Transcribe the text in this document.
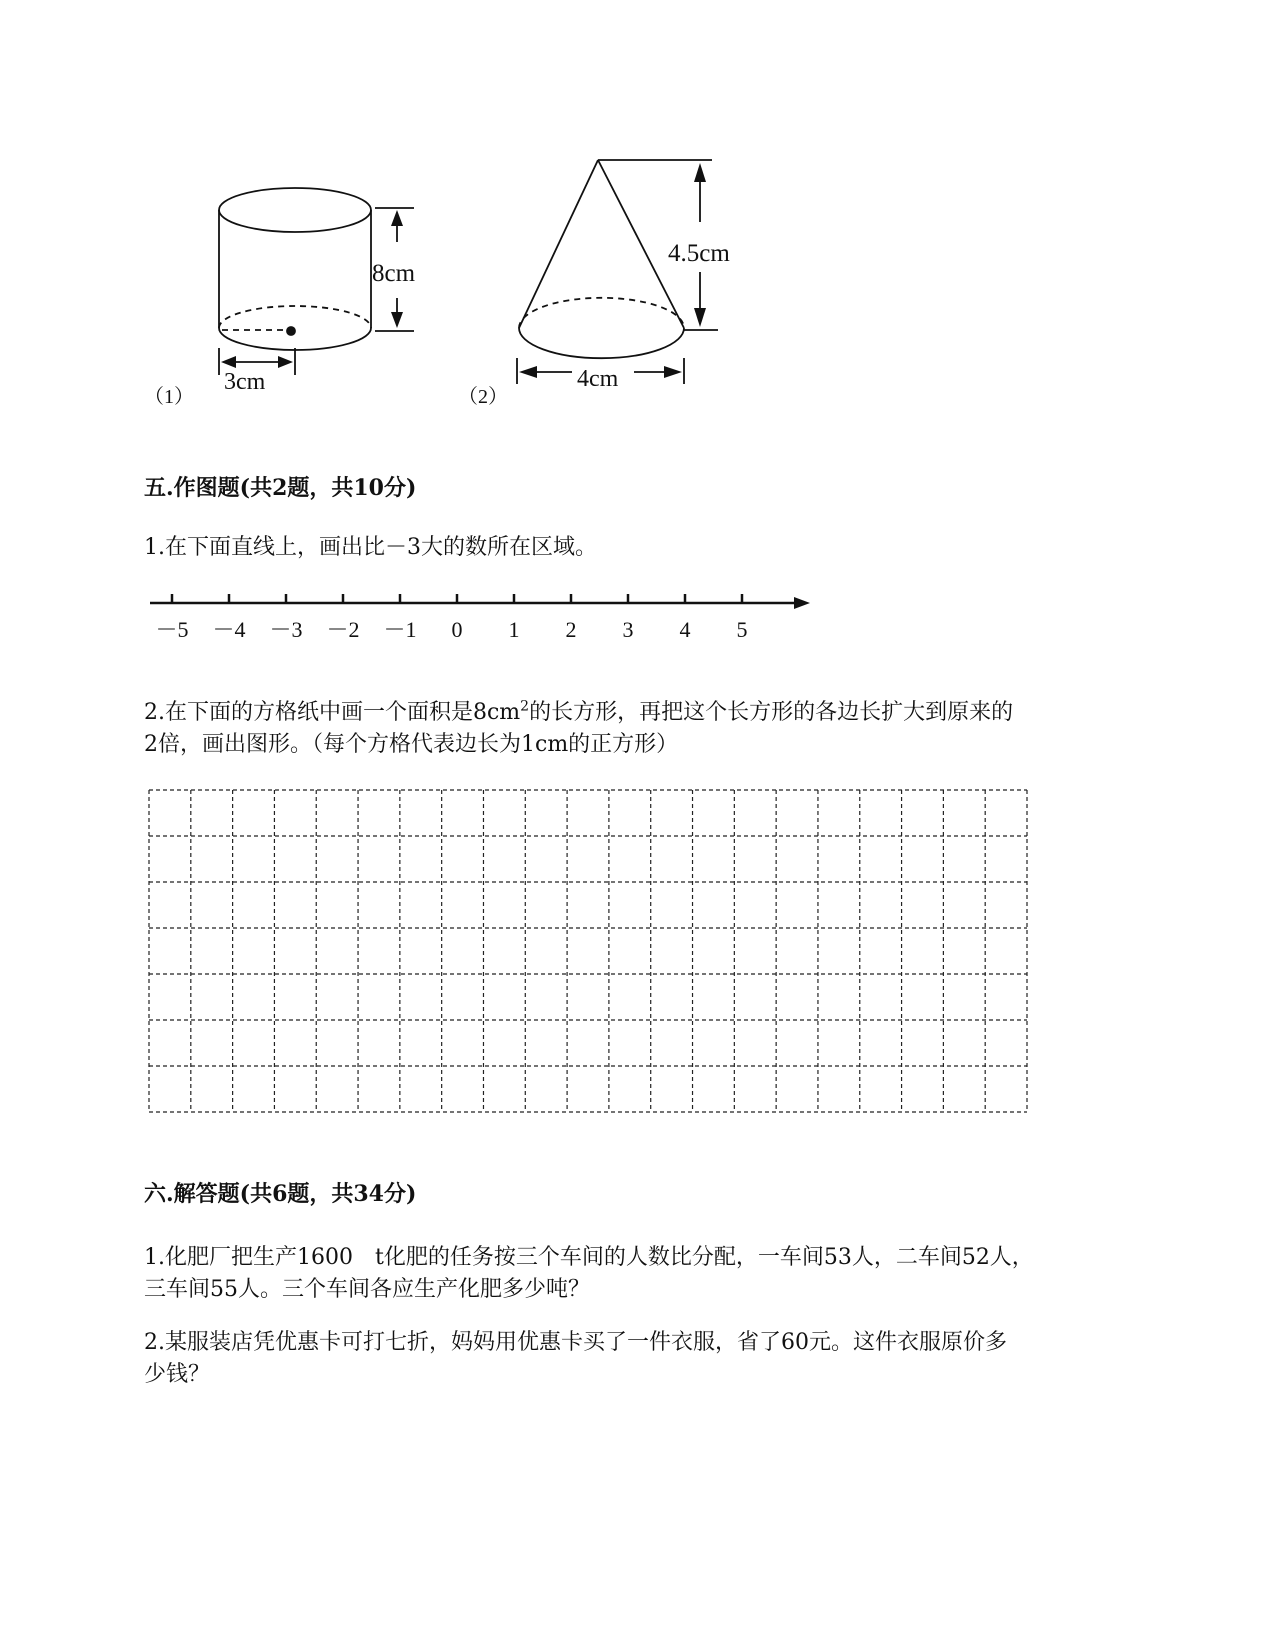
8cm
3cm
（1）
4.5cm
4cm
（2）
五.作图题(共2题，共10分)
1.在下面直线上，画出比－3大的数所在区域。
－5 －4 －3 －2 －1 0 1 2 3 4 5
2.在下面的方格纸中画一个面积是$8cm^2$的长方形，再把这个长方形的各边长扩大到原来的
2倍，画出图形。（每个方格代表边长为1cm的正方形）
六.解答题(共6题，共34分)
1.化肥厂把生产1600　t化肥的任务按三个车间的人数比分配，一车间53人，二车间52人，
三车间55人。三个车间各应生产化肥多少吨？
2.某服装店凭优惠卡可打七折，妈妈用优惠卡买了一件衣服，省了60元。这件衣服原价多
少钱？
